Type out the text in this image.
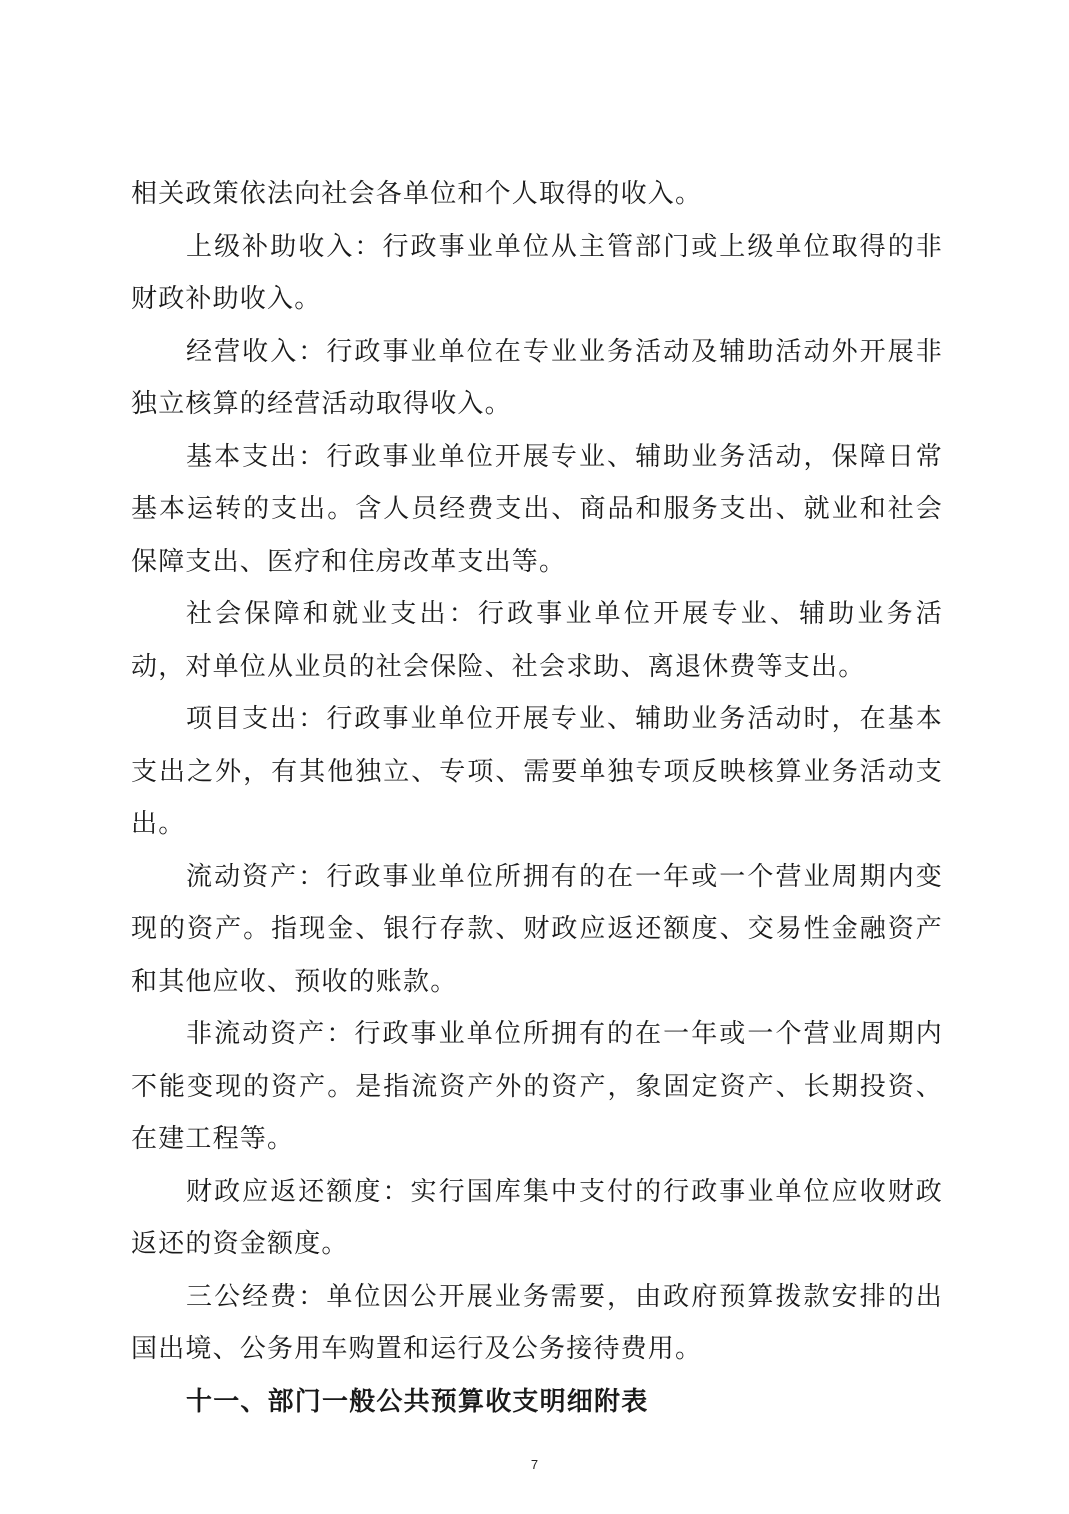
相关政策依法向社会各单位和个人取得的收入。

上级补助收入：行政事业单位从主管部门或上级单位取得的非财政补助收入。

经营收入：行政事业单位在专业业务活动及辅助活动外开展非独立核算的经营活动取得收入。

基本支出：行政事业单位开展专业、辅助业务活动，保障日常基本运转的支出。含人员经费支出、商品和服务支出、就业和社会保障支出、医疗和住房改革支出等。

社会保障和就业支出：行政事业单位开展专业、辅助业务活动，对单位从业员的社会保险、社会求助、离退休费等支出。

项目支出：行政事业单位开展专业、辅助业务活动时，在基本支出之外，有其他独立、专项、需要单独专项反映核算业务活动支出。

流动资产：行政事业单位所拥有的在一年或一个营业周期内变现的资产。指现金、银行存款、财政应返还额度、交易性金融资产和其他应收、预收的账款。

非流动资产：行政事业单位所拥有的在一年或一个营业周期内不能变现的资产。是指流资产外的资产，象固定资产、长期投资、在建工程等。

财政应返还额度：实行国库集中支付的行政事业单位应收财政返还的资金额度。

三公经费：单位因公开展业务需要，由政府预算拨款安排的出国出境、公务用车购置和运行及公务接待费用。

十一、部门一般公共预算收支明细附表

7
